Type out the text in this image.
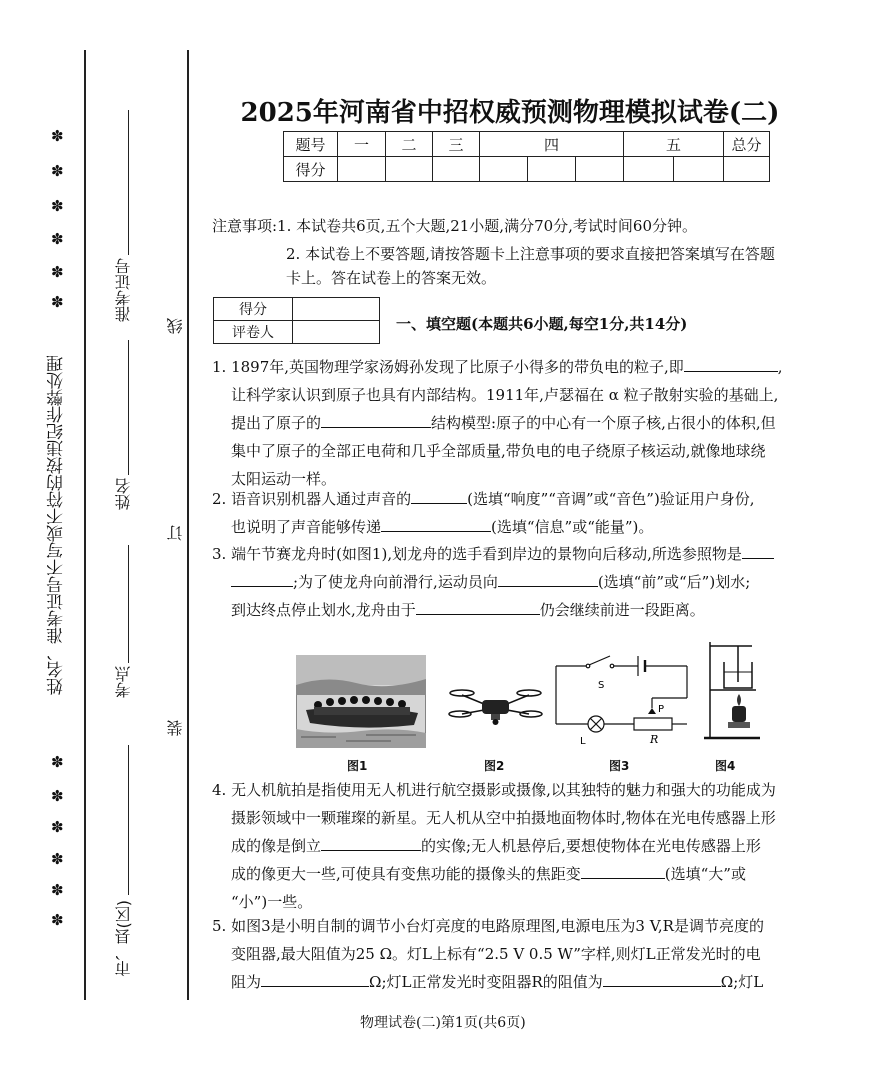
姓名、准考证号不写或不符的按违纪作弊处理
✽
✽
✽
✽
✽
✽
✽
✽
✽
✽
✽
✽
准考证号
姓名
考点
市、县(区)
线
订
装
2025年河南省中招权威预测物理模拟试卷(二)
题号	一	二	三	四			五		总分
得分									
注意事项:1. 本试卷共6页,五个大题,21小题,满分70分,考试时间60分钟。
2. 本试卷上不要答题,请按答题卡上注意事项的要求直接把答案填写在答题
卡上。答在试卷上的答案无效。
得分	
评卷人		一、填空题(本题共6小题,每空1分,共14分)
1. 1897年,英国物理学家汤姆孙发现了比原子小得多的带负电的粒子,即	,
让科学家认识到原子也具有内部结构。1911年,卢瑟福在 α 粒子散射实验的基础上,
提出了原子的	结构模型:原子的中心有一个原子核,占很小的体积,但
集中了原子的全部正电荷和几乎全部质量,带负电的电子绕原子核运动,就像地球绕
太阳运动一样。
2. 语音识别机器人通过声音的	(选填“响度”“音调”或“音色”)验证用户身份,
也说明了声音能够传递	(选填“信息”或“能量”)。
3. 端午节赛龙舟时(如图1),划龙舟的选手看到岸边的景物向后移动,所选参照物是
;为了使龙舟向前滑行,运动员向	(选填“前”或“后”)划水;
到达终点停止划水,龙舟由于	仍会继续前进一段距离。
图1	图2
S
L
P
R
图3	图4
4. 无人机航拍是指使用无人机进行航空摄影或摄像,以其独特的魅力和强大的功能成为
摄影领域中一颗璀璨的新星。无人机从空中拍摄地面物体时,物体在光电传感器上形
成的像是倒立	的实像;无人机悬停后,要想使物体在光电传感器上形
成的像更大一些,可使具有变焦功能的摄像头的焦距变	(选填“大”或
“小”)一些。
5. 如图3是小明自制的调节小台灯亮度的电路原理图,电源电压为3 V,R是调节亮度的
变阻器,最大阻值为25 Ω。灯L上标有“2.5 V 0.5 W”字样,则灯L正常发光时的电
阻为	Ω;灯L正常发光时变阻器R的阻值为	Ω;灯L
物理试卷(二)第1页(共6页)
